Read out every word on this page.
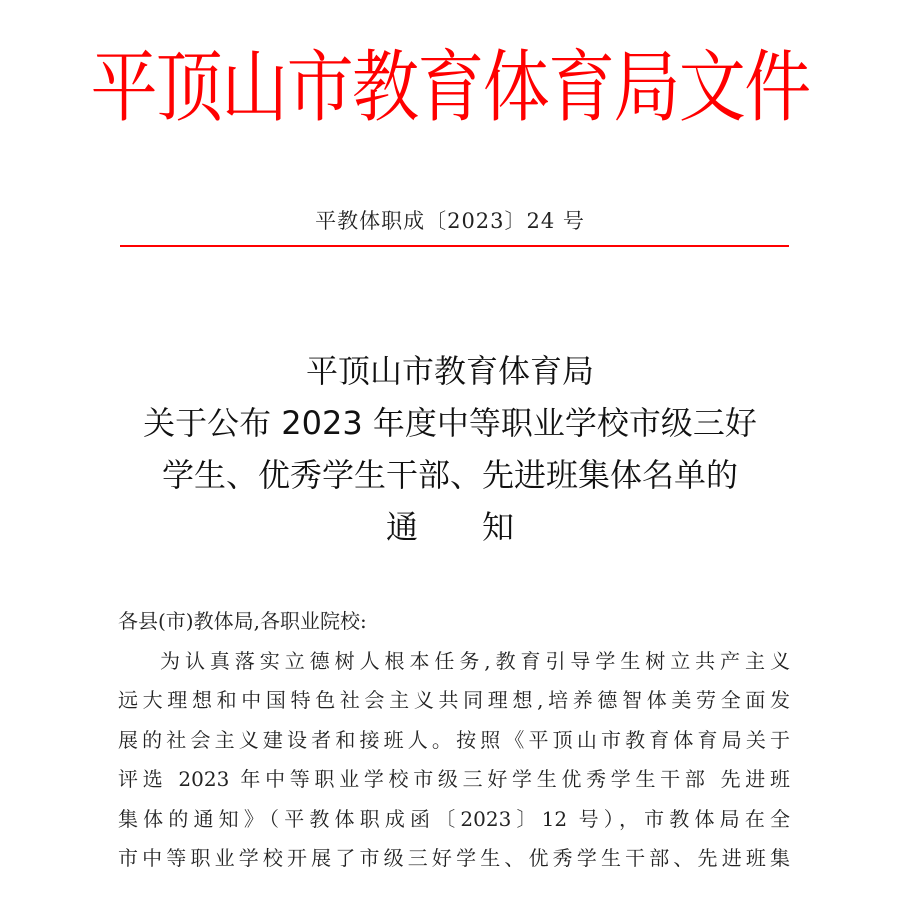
平顶山市教育体育局文件
平教体职成〔2023〕24 号
平顶山市教育体育局
关于公布 2023 年度中等职业学校市级三好
学生、优秀学生干部、先进班集体名单的
通 知
各县(市)教体局,各职业院校:
为认真落实立德树人根本任务,教育引导学生树立共产主义
远大理想和中国特色社会主义共同理想,培养德智体美劳全面发
展的社会主义建设者和接班人。按照《平顶山市教育体育局关于
评选 2023 年中等职业学校市级三好学生优秀学生干部 先进班
集体的通知》（平教体职成函〔2023〕12 号），市教体局在全
市中等职业学校开展了市级三好学生、优秀学生干部、先进班集
